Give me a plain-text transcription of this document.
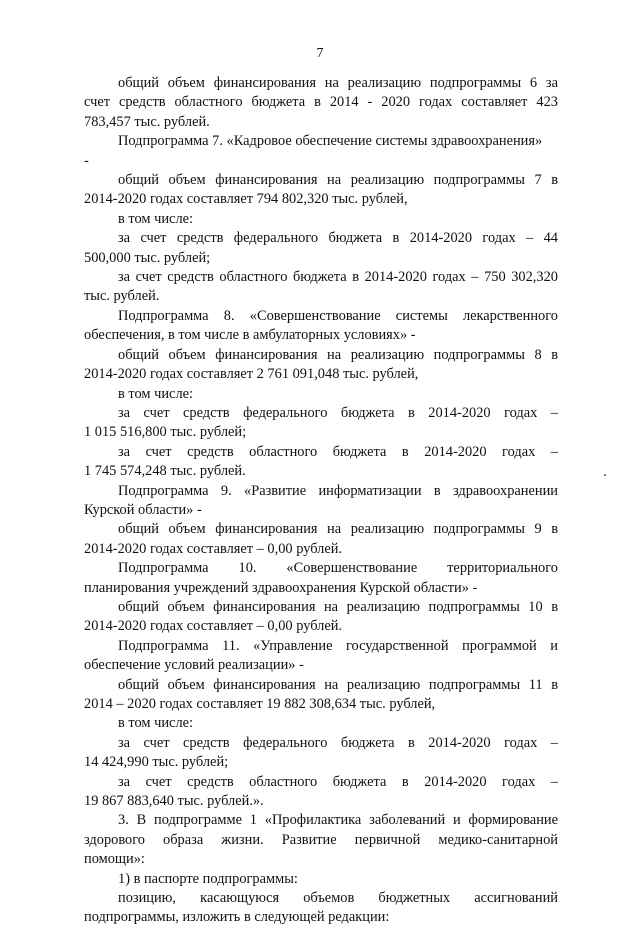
7
общий объем финансирования на реализацию подпрограммы 6 за
счет средств областного бюджета в 2014 - 2020 годах составляет 423
783,457 тыс. рублей.
Подпрограмма 7. «Кадровое обеспечение системы здравоохранения»
-
общий объем финансирования на реализацию подпрограммы 7 в
2014-2020 годах составляет 794 802,320 тыс. рублей,
в том числе:
за счет средств федерального бюджета в 2014-2020 годах – 44
500,000 тыс. рублей;
за счет средств областного бюджета в 2014-2020 годах – 750 302,320
тыс. рублей.
Подпрограмма 8. «Совершенствование системы лекарственного
обеспечения, в том числе в амбулаторных условиях» -
общий объем финансирования на реализацию подпрограммы 8 в
2014-2020 годах составляет 2 761 091,048 тыс. рублей,
в том числе:
за счет средств федерального бюджета в 2014-2020 годах –
1 015 516,800 тыс. рублей;
за счет средств областного бюджета в 2014-2020 годах –
1 745 574,248 тыс. рублей.
Подпрограмма 9. «Развитие информатизации в здравоохранении
Курской области» -
общий объем финансирования на реализацию подпрограммы 9 в
2014-2020 годах составляет – 0,00 рублей.
Подпрограмма 10. «Совершенствование территориального
планирования учреждений здравоохранения Курской области» -
общий объем финансирования на реализацию подпрограммы 10 в
2014-2020 годах составляет – 0,00 рублей.
Подпрограмма 11. «Управление государственной программой и
обеспечение условий реализации» -
общий объем финансирования на реализацию подпрограммы 11 в
2014 – 2020 годах составляет 19 882 308,634 тыс. рублей,
в том числе:
за счет средств федерального бюджета в 2014-2020 годах –
14 424,990 тыс. рублей;
за счет средств областного бюджета в 2014-2020 годах –
19 867 883,640 тыс. рублей.».
3. В подпрограмме 1 «Профилактика заболеваний и формирование
здорового образа жизни. Развитие первичной медико-санитарной
помощи»:
1) в паспорте подпрограммы:
позицию, касающуюся объемов бюджетных ассигнований
подпрограммы, изложить в следующей редакции:
